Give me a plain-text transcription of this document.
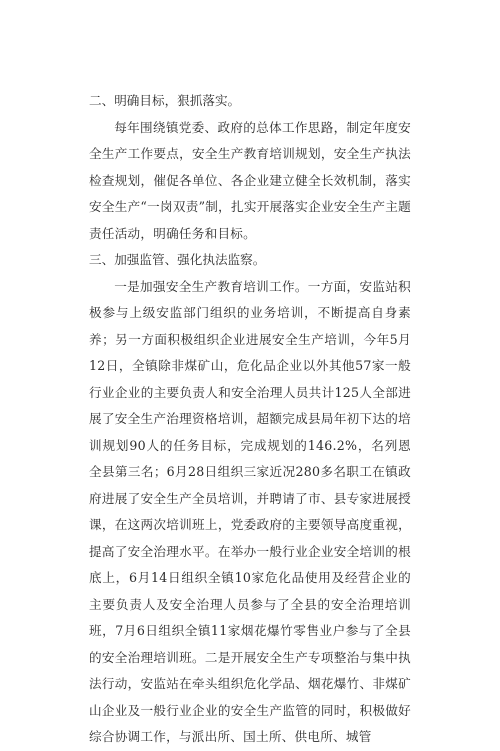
二、明确目标，狠抓落实。

每年围绕镇党委、政府的总体工作思路，制定年度安全生产工作要点，安全生产教育培训规划，安全生产执法检查规划，催促各单位、各企业建立健全长效机制，落实安全生产“一岗双责”制，扎实开展落实企业安全生产主题责任活动，明确任务和目标。

三、加强监管、强化执法监察。

一是加强安全生产教育培训工作。一方面，安监站积极参与上级安监部门组织的业务培训，不断提高自身素养；另一方面积极组织企业进展安全生产培训，今年5月12日，全镇除非煤矿山，危化品企业以外其他57家一般行业企业的主要负责人和安全治理人员共计125人全部进展了安全生产治理资格培训，超额完成县局年初下达的培训规划90人的任务目标，完成规划的146.2%，名列恩全县第三名；6月28日组织三家近况280多名职工在镇政府进展了安全生产全员培训，并聘请了市、县专家进展授课，在这两次培训班上，党委政府的主要领导高度重视，提高了安全治理水平。在举办一般行业企业安全培训的根底上，6月14日组织全镇10家危化品使用及经营企业的主要负责人及安全治理人员参与了全县的安全治理培训班，7月6日组织全镇11家烟花爆竹零售业户参与了全县的安全治理培训班。二是开展安全生产专项整治与集中执法行动，安监站在牵头组织危化学品、烟花爆竹、非煤矿山企业及一般行业企业的安全生产监管的同时，积极做好综合协调工作，与派出所、国土所、供电所、城管
